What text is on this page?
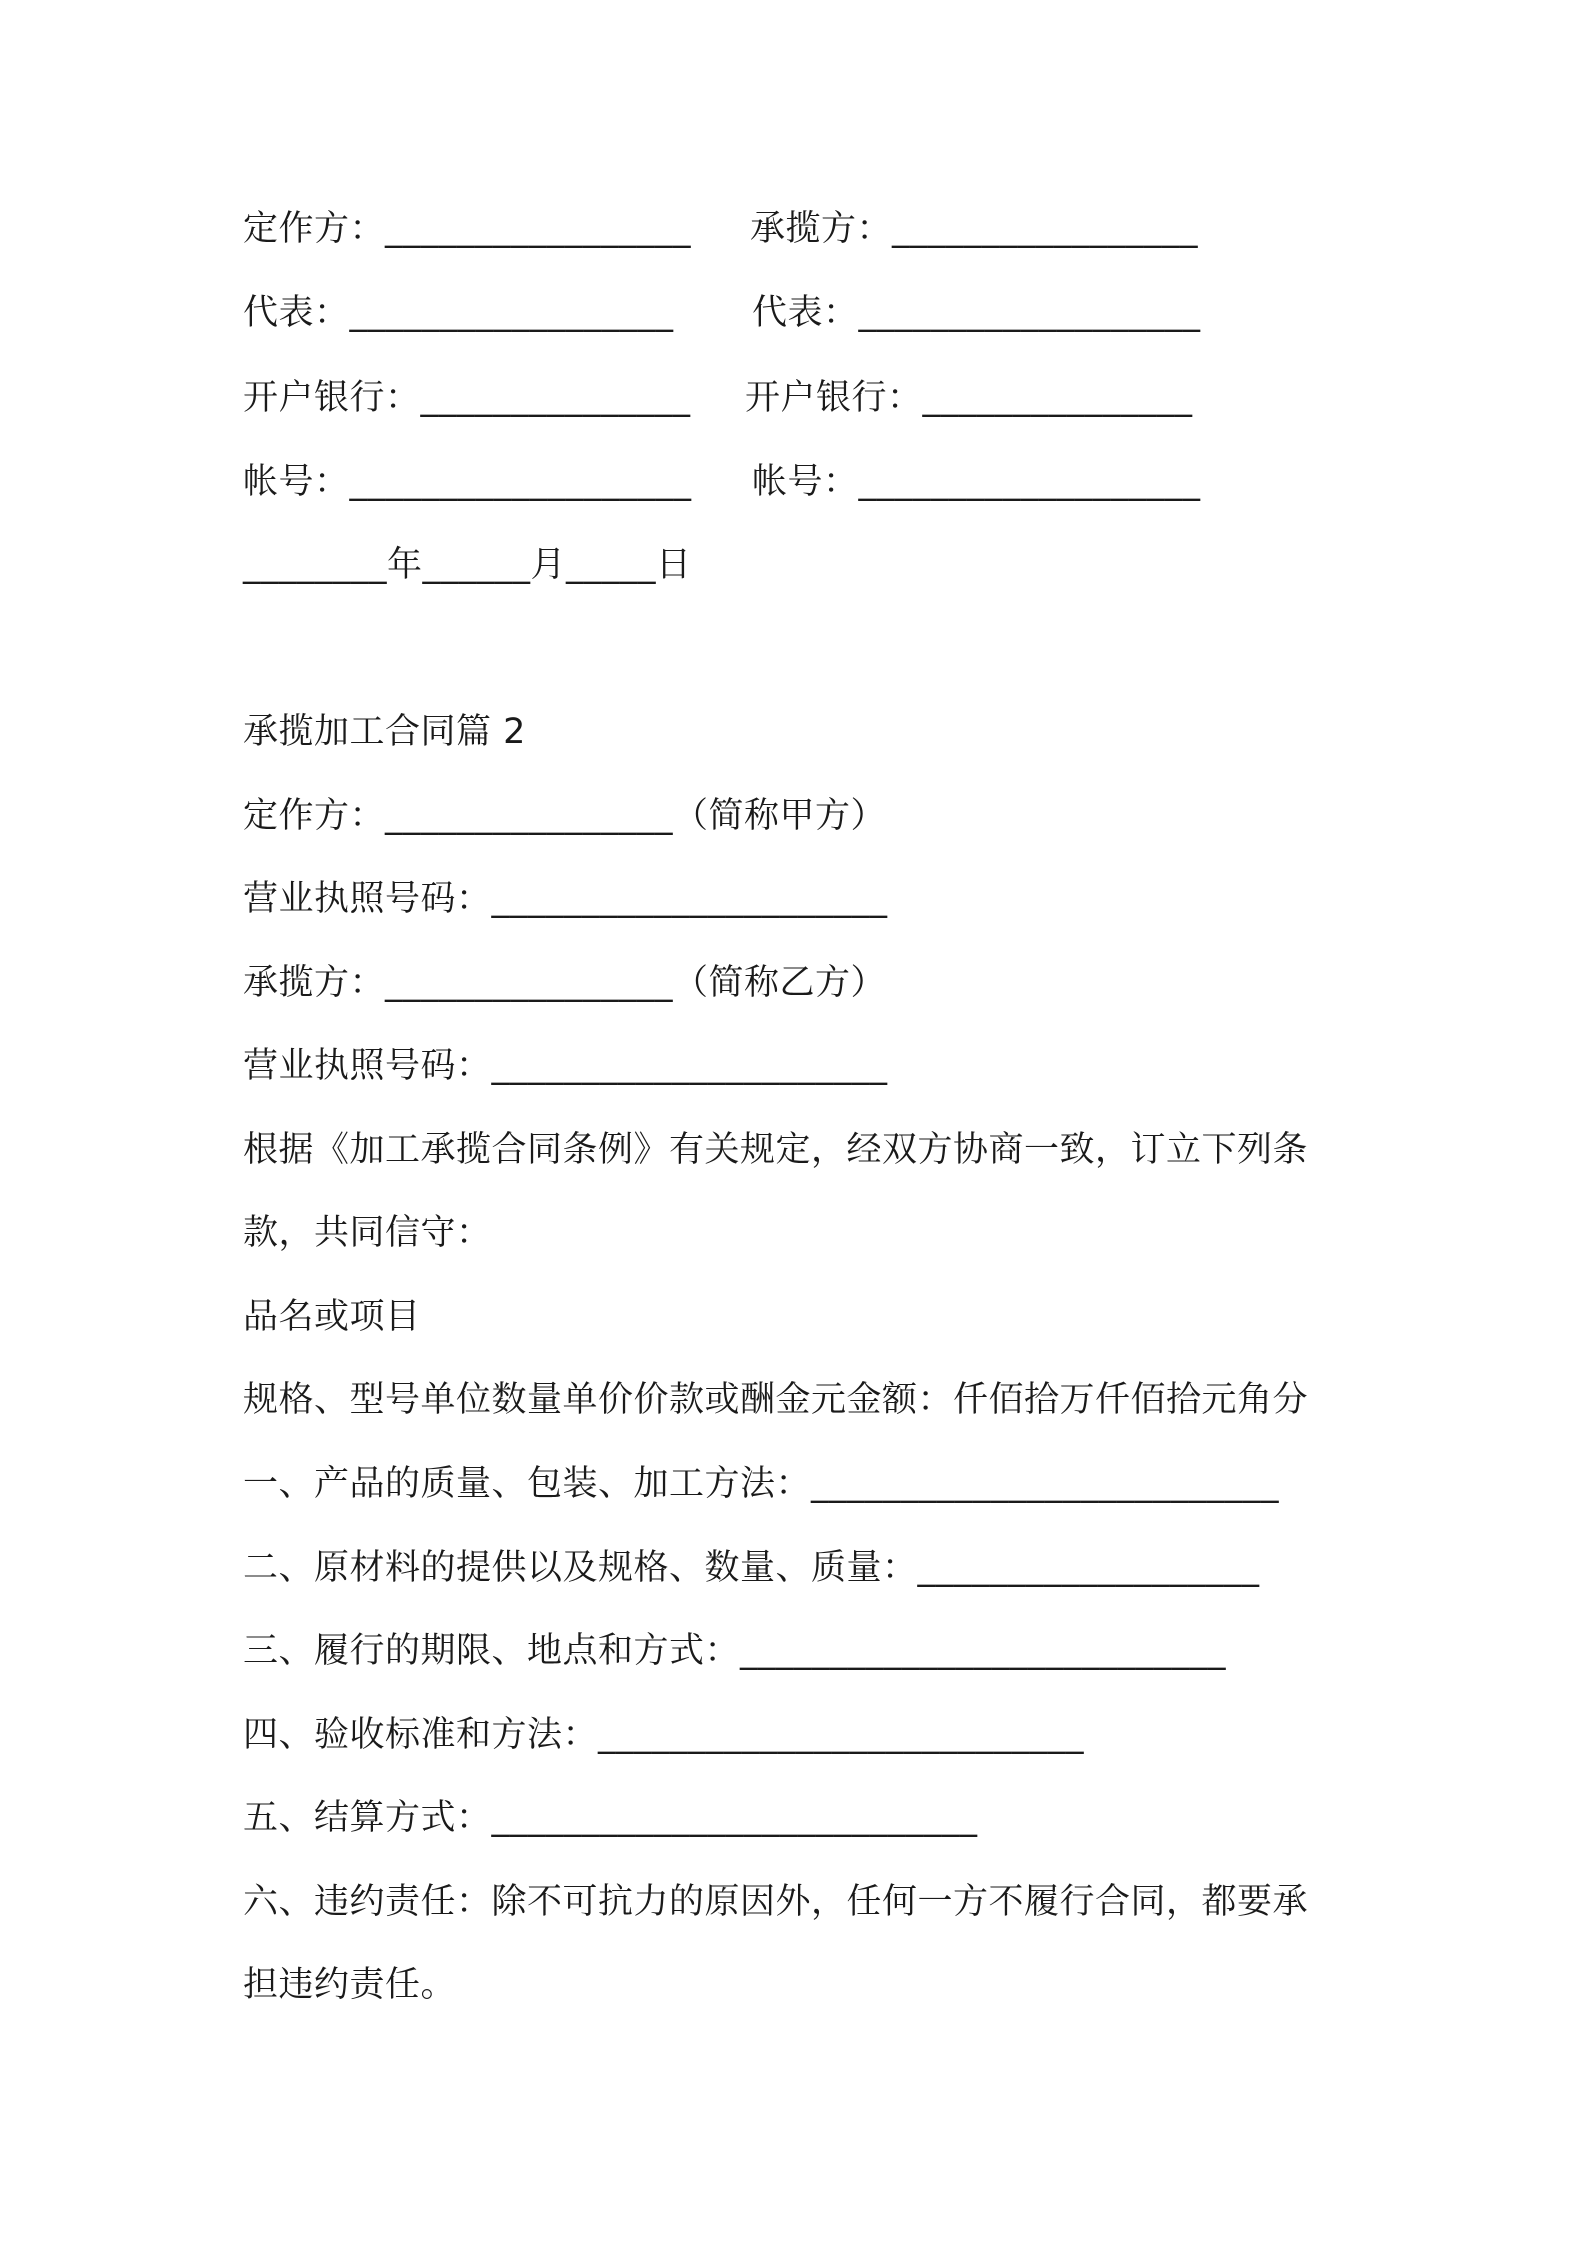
定作方：_________________ 承揽方：_________________
代表：__________________ 代表：___________________
开户银行：_______________ 开户银行：_______________
帐号：___________________ 帐号：___________________
________年______月_____日
承揽加工合同篇 2
定作方：________________（简称甲方）
营业执照号码：______________________
承揽方：________________（简称乙方）
营业执照号码：______________________
根据《加工承揽合同条例》有关规定，经双方协商一致，订立下列条
款，共同信守：
品名或项目
规格、型号单位数量单价价款或酬金元金额：仟佰拾万仟佰拾元角分
一、产品的质量、包装、加工方法：__________________________
二、原材料的提供以及规格、数量、质量：___________________
三、履行的期限、地点和方式：___________________________
四、验收标准和方法：___________________________
五、结算方式：___________________________
六、违约责任：除不可抗力的原因外，任何一方不履行合同，都要承
担违约责任。
